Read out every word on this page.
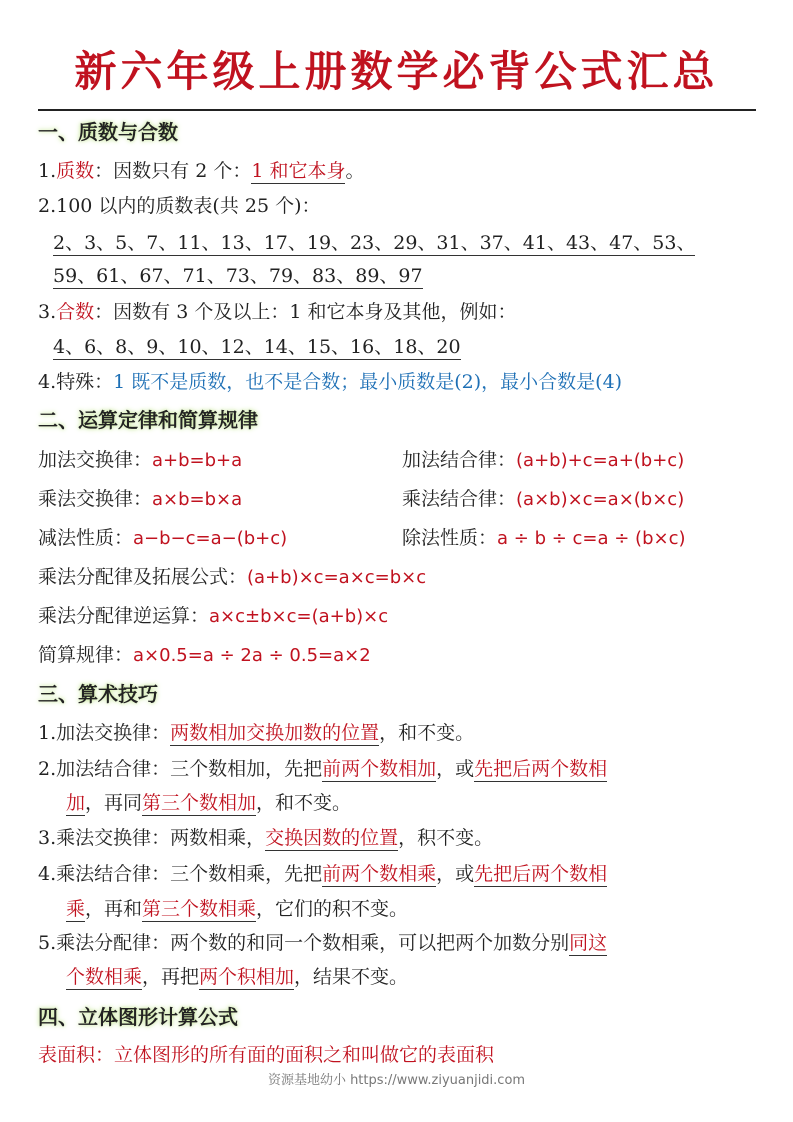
新六年级上册数学必背公式汇总
一、质数与合数
1.质数：因数只有 2 个：1 和它本身。
2.100 以内的质数表(共 25 个)：
2、3、5、7、11、13、17、19、23、29、31、37、41、43、47、53、
59、61、67、71、73、79、83、89、97
3.合数：因数有 3 个及以上：1 和它本身及其他，例如：
4、6、8、9、10、12、14、15、16、18、20
4.特殊：1 既不是质数，也不是合数；最小质数是(2)，最小合数是(4)
二、运算定律和简算规律
加法交换律：a+b=b+a	加法结合律：(a+b)+c=a+(b+c)
乘法交换律：a×b=b×a	乘法结合律：(a×b)×c=a×(b×c)
减法性质：a−b−c=a−(b+c)	除法性质：a ÷ b ÷ c=a ÷ (b×c)
乘法分配律及拓展公式：(a+b)×c=a×c=b×c
乘法分配律逆运算：a×c±b×c=(a+b)×c
简算规律：a×0.5=a ÷ 2a ÷ 0.5=a×2
三、算术技巧
1.加法交换律：两数相加交换加数的位置，和不变。
2.加法结合律：三个数相加，先把前两个数相加，或先把后两个数相
加，再同第三个数相加，和不变。
3.乘法交换律：两数相乘，交换因数的位置，积不变。
4.乘法结合律：三个数相乘，先把前两个数相乘，或先把后两个数相
乘，再和第三个数相乘，它们的积不变。
5.乘法分配律：两个数的和同一个数相乘，可以把两个加数分别同这
个数相乘，再把两个积相加，结果不变。
四、立体图形计算公式
表面积：立体图形的所有面的面积之和叫做它的表面积
资源基地幼小 https://www.ziyuanjidi.com
